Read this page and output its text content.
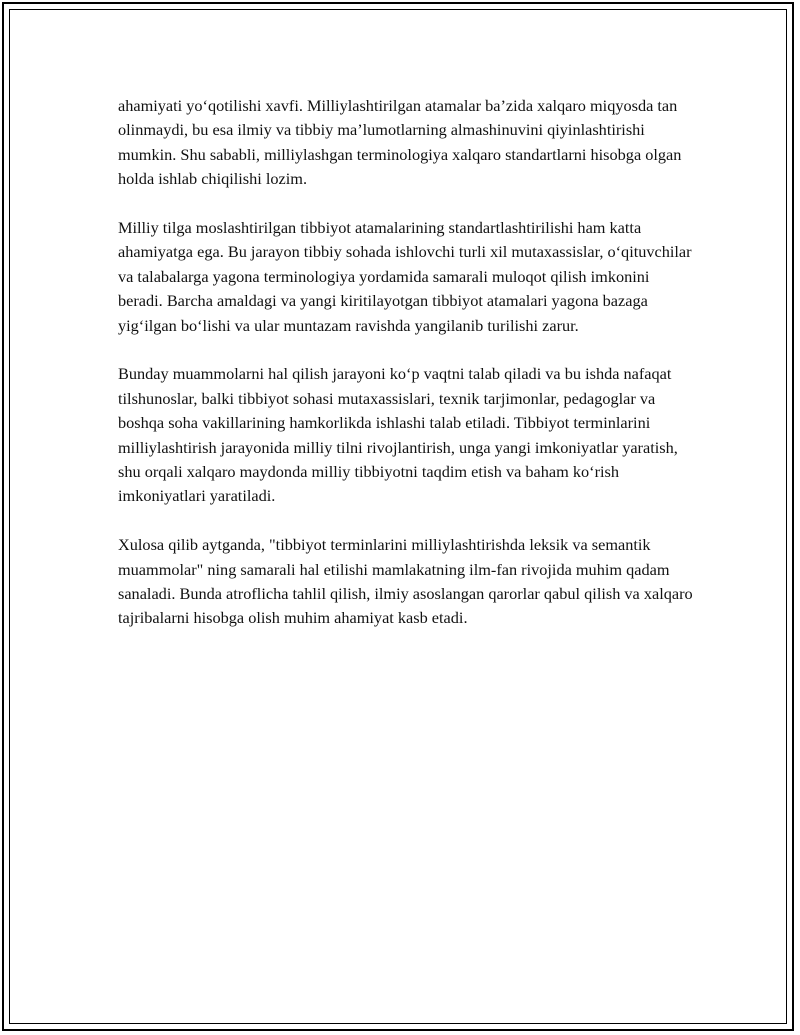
ahamiyati yo‘qotilishi xavfi. Milliylashtirilgan atamalar ba’zida xalqaro miqyosda tan olinmaydi, bu esa ilmiy va tibbiy ma’lumotlarning almashinuvini qiyinlashtirishi mumkin. Shu sababli, milliylashgan terminologiya xalqaro standartlarni hisobga olgan holda ishlab chiqilishi lozim.

Milliy tilga moslashtirilgan tibbiyot atamalarining standartlashtirilishi ham katta ahamiyatga ega. Bu jarayon tibbiy sohada ishlovchi turli xil mutaxassislar, o‘qituvchilar va talabalarga yagona terminologiya yordamida samarali muloqot qilish imkonini beradi. Barcha amaldagi va yangi kiritilayotgan tibbiyot atamalari yagona bazaga yig‘ilgan bo‘lishi va ular muntazam ravishda yangilanib turilishi zarur.

Bunday muammolarni hal qilish jarayoni ko‘p vaqtni talab qiladi va bu ishda nafaqat tilshunoslar, balki tibbiyot sohasi mutaxassislari, texnik tarjimonlar, pedagoglar va boshqa soha vakillarining hamkorlikda ishlashi talab etiladi. Tibbiyot terminlarini milliylashtirish jarayonida milliy tilni rivojlantirish, unga yangi imkoniyatlar yaratish, shu orqali xalqaro maydonda milliy tibbiyotni taqdim etish va baham ko‘rish imkoniyatlari yaratiladi.

Xulosa qilib aytganda, "tibbiyot terminlarini milliylashtirishda leksik va semantik muammolar" ning samarali hal etilishi mamlakatning ilm-fan rivojida muhim qadam sanaladi. Bunda atroflicha tahlil qilish, ilmiy asoslangan qarorlar qabul qilish va xalqaro tajribalarni hisobga olish muhim ahamiyat kasb etadi.
